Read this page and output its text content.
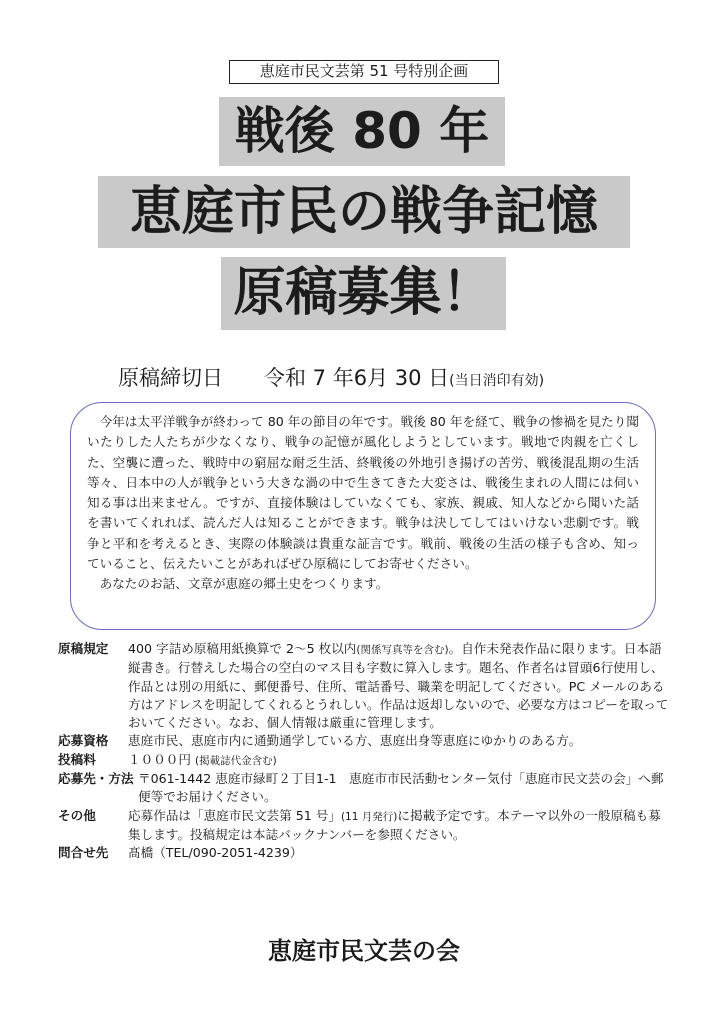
恵庭市民文芸第 51 号特別企画
戦後 80 年
恵庭市民の戦争記憶
原稿募集！
原稿締切日 令和 7 年6月 30 日(当日消印有効)

今年は太平洋戦争が終わって 80 年の節目の年です。戦後 80 年を経て、戦争の惨禍を見たり聞いたりした人たちが少なくなり、戦争の記憶が風化しようとしています。戦地で肉親を亡くした、空襲に遭った、戦時中の窮屈な耐乏生活、終戦後の外地引き揚げの苦労、戦後混乱期の生活等々、日本中の人が戦争という大きな渦の中で生きてきた大変さは、戦後生まれの人間には伺い知る事は出来ません。ですが、直接体験はしていなくても、家族、親戚、知人などから聞いた話を書いてくれれば、読んだ人は知ることができます。戦争は決してしてはいけない悲劇です。戦争と平和を考えるとき、実際の体験談は貴重な証言です。戦前、戦後の生活の様子も含め、知っていること、伝えたいことがあればぜひ原稿にしてお寄せください。

あなたのお話、文章が恵庭の郷土史をつくります。

原稿規定	400 字詰め原稿用紙換算で 2～5 枚以内(関係写真等を含む)。自作未発表作品に限ります。日本語縦書き。行替えした場合の空白のマス目も字数に算入します。題名、作者名は冒頭6行使用し、作品とは別の用紙に、郵便番号、住所、電話番号、職業を明記してください。PC メールのある方はアドレスを明記してくれるとうれしい。作品は返却しないので、必要な方はコピーを取っておいてください。なお、個人情報は厳重に管理します。
応募資格	恵庭市民、恵庭市内に通勤通学している方、恵庭出身等恵庭にゆかりのある方。
投稿料	１０００円 (掲載誌代金含む)
応募先・方法 〒061-1442 恵庭市緑町２丁目1-1　恵庭市市民活動センター気付「恵庭市民文芸の会」へ郵便等でお届けください。
その他	応募作品は「恵庭市民文芸第 51 号」(11 月発行)に掲載予定です。本テーマ以外の一般原稿も募集します。投稿規定は本誌バックナンバーを参照ください。
問合せ先	髙橋（TEL/090-2051-4239）
恵庭市民文芸の会
